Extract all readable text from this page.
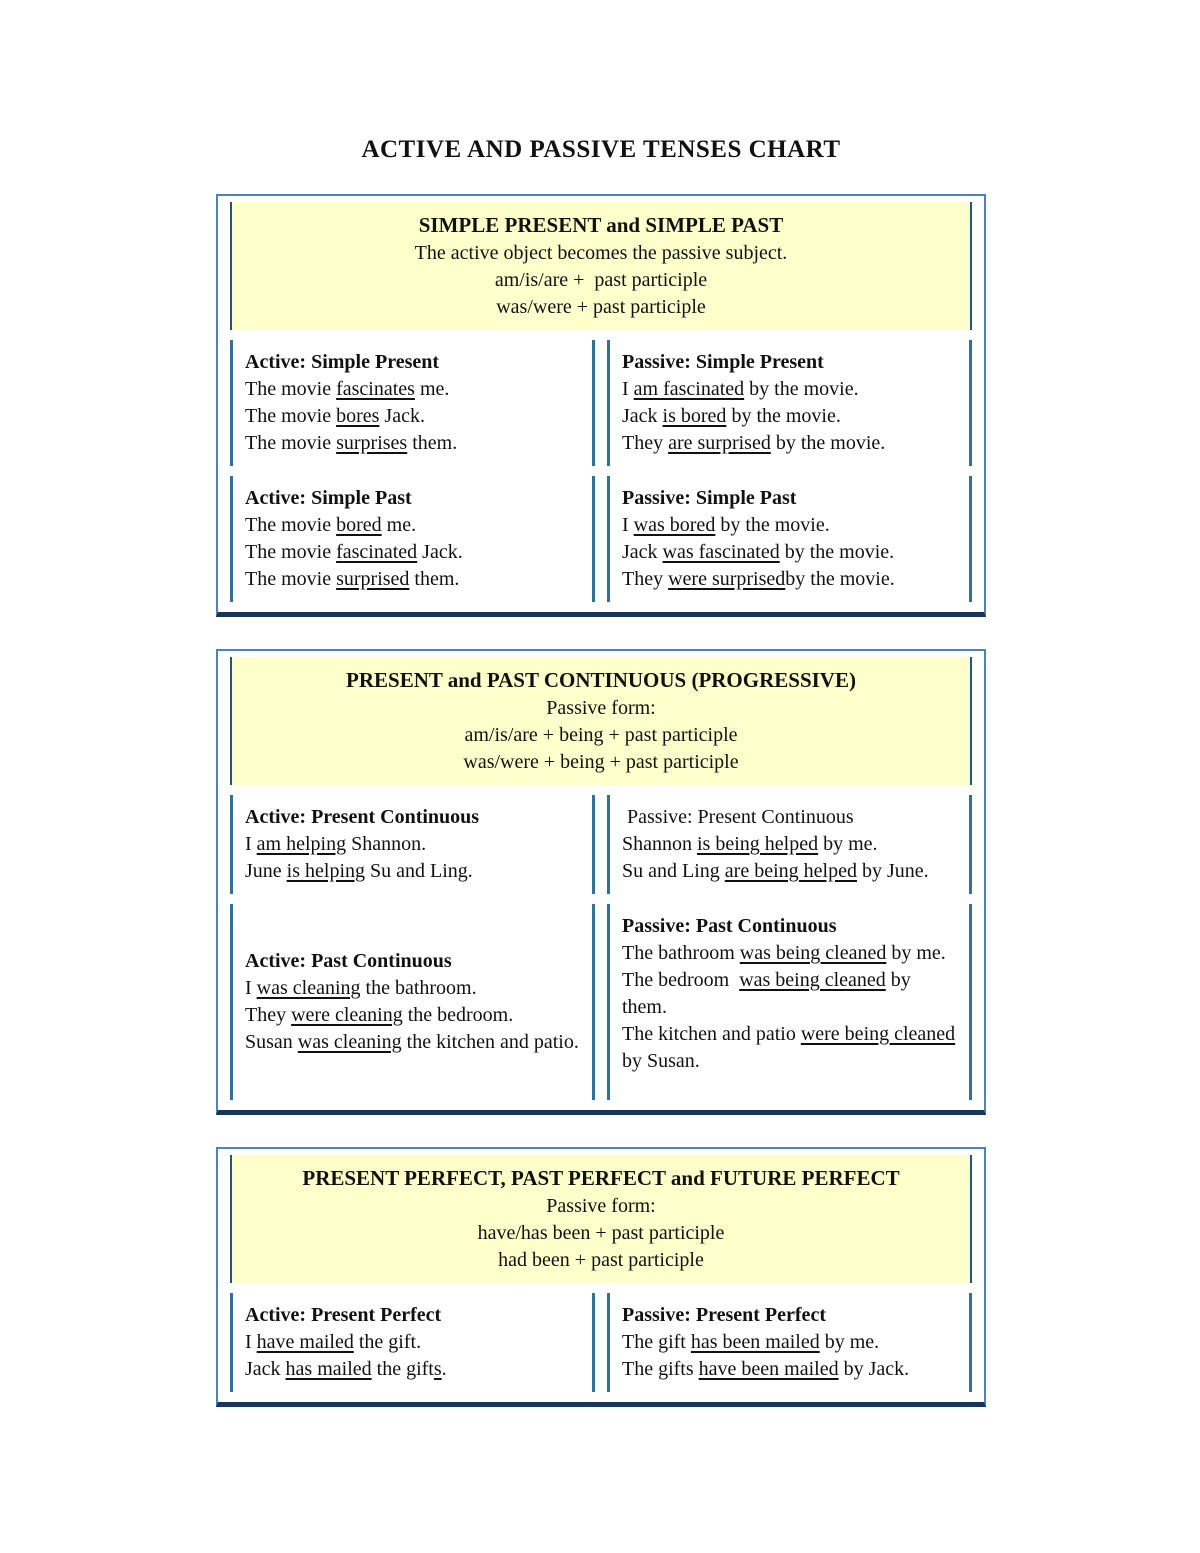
ACTIVE AND PASSIVE TENSES CHART
SIMPLE PRESENT and SIMPLE PAST
The active object becomes the passive subject.
am/is/are +  past participle
was/were + past participle
Active: Simple Present
The movie fascinates me.
The movie bores Jack.
The movie surprises them.
Passive: Simple Present
I am fascinated by the movie.
Jack is bored by the movie.
They are surprised by the movie.
Active: Simple Past
The movie bored me.
The movie fascinated Jack.
The movie surprised them.
Passive: Simple Past
I was bored by the movie.
Jack was fascinated by the movie.
They were surprisedby the movie.
PRESENT and PAST CONTINUOUS (PROGRESSIVE)
Passive form:
am/is/are + being + past participle
was/were + being + past participle
Active: Present Continuous
I am helping Shannon.
June is helping Su and Ling.
Passive: Present Continuous
Shannon is being helped by me.
Su and Ling are being helped by June.
Active: Past Continuous
I was cleaning the bathroom.
They were cleaning the bedroom.
Susan was cleaning the kitchen and patio.
Passive: Past Continuous
The bathroom was being cleaned by me.
The bedroom  was being cleaned by them.
The kitchen and patio were being cleaned by Susan.
PRESENT PERFECT, PAST PERFECT and FUTURE PERFECT
Passive form:
have/has been + past participle
had been + past participle
Active: Present Perfect
I have mailed the gift.
Jack has mailed the gifts.
Passive: Present Perfect
The gift has been mailed by me.
The gifts have been mailed by Jack.
